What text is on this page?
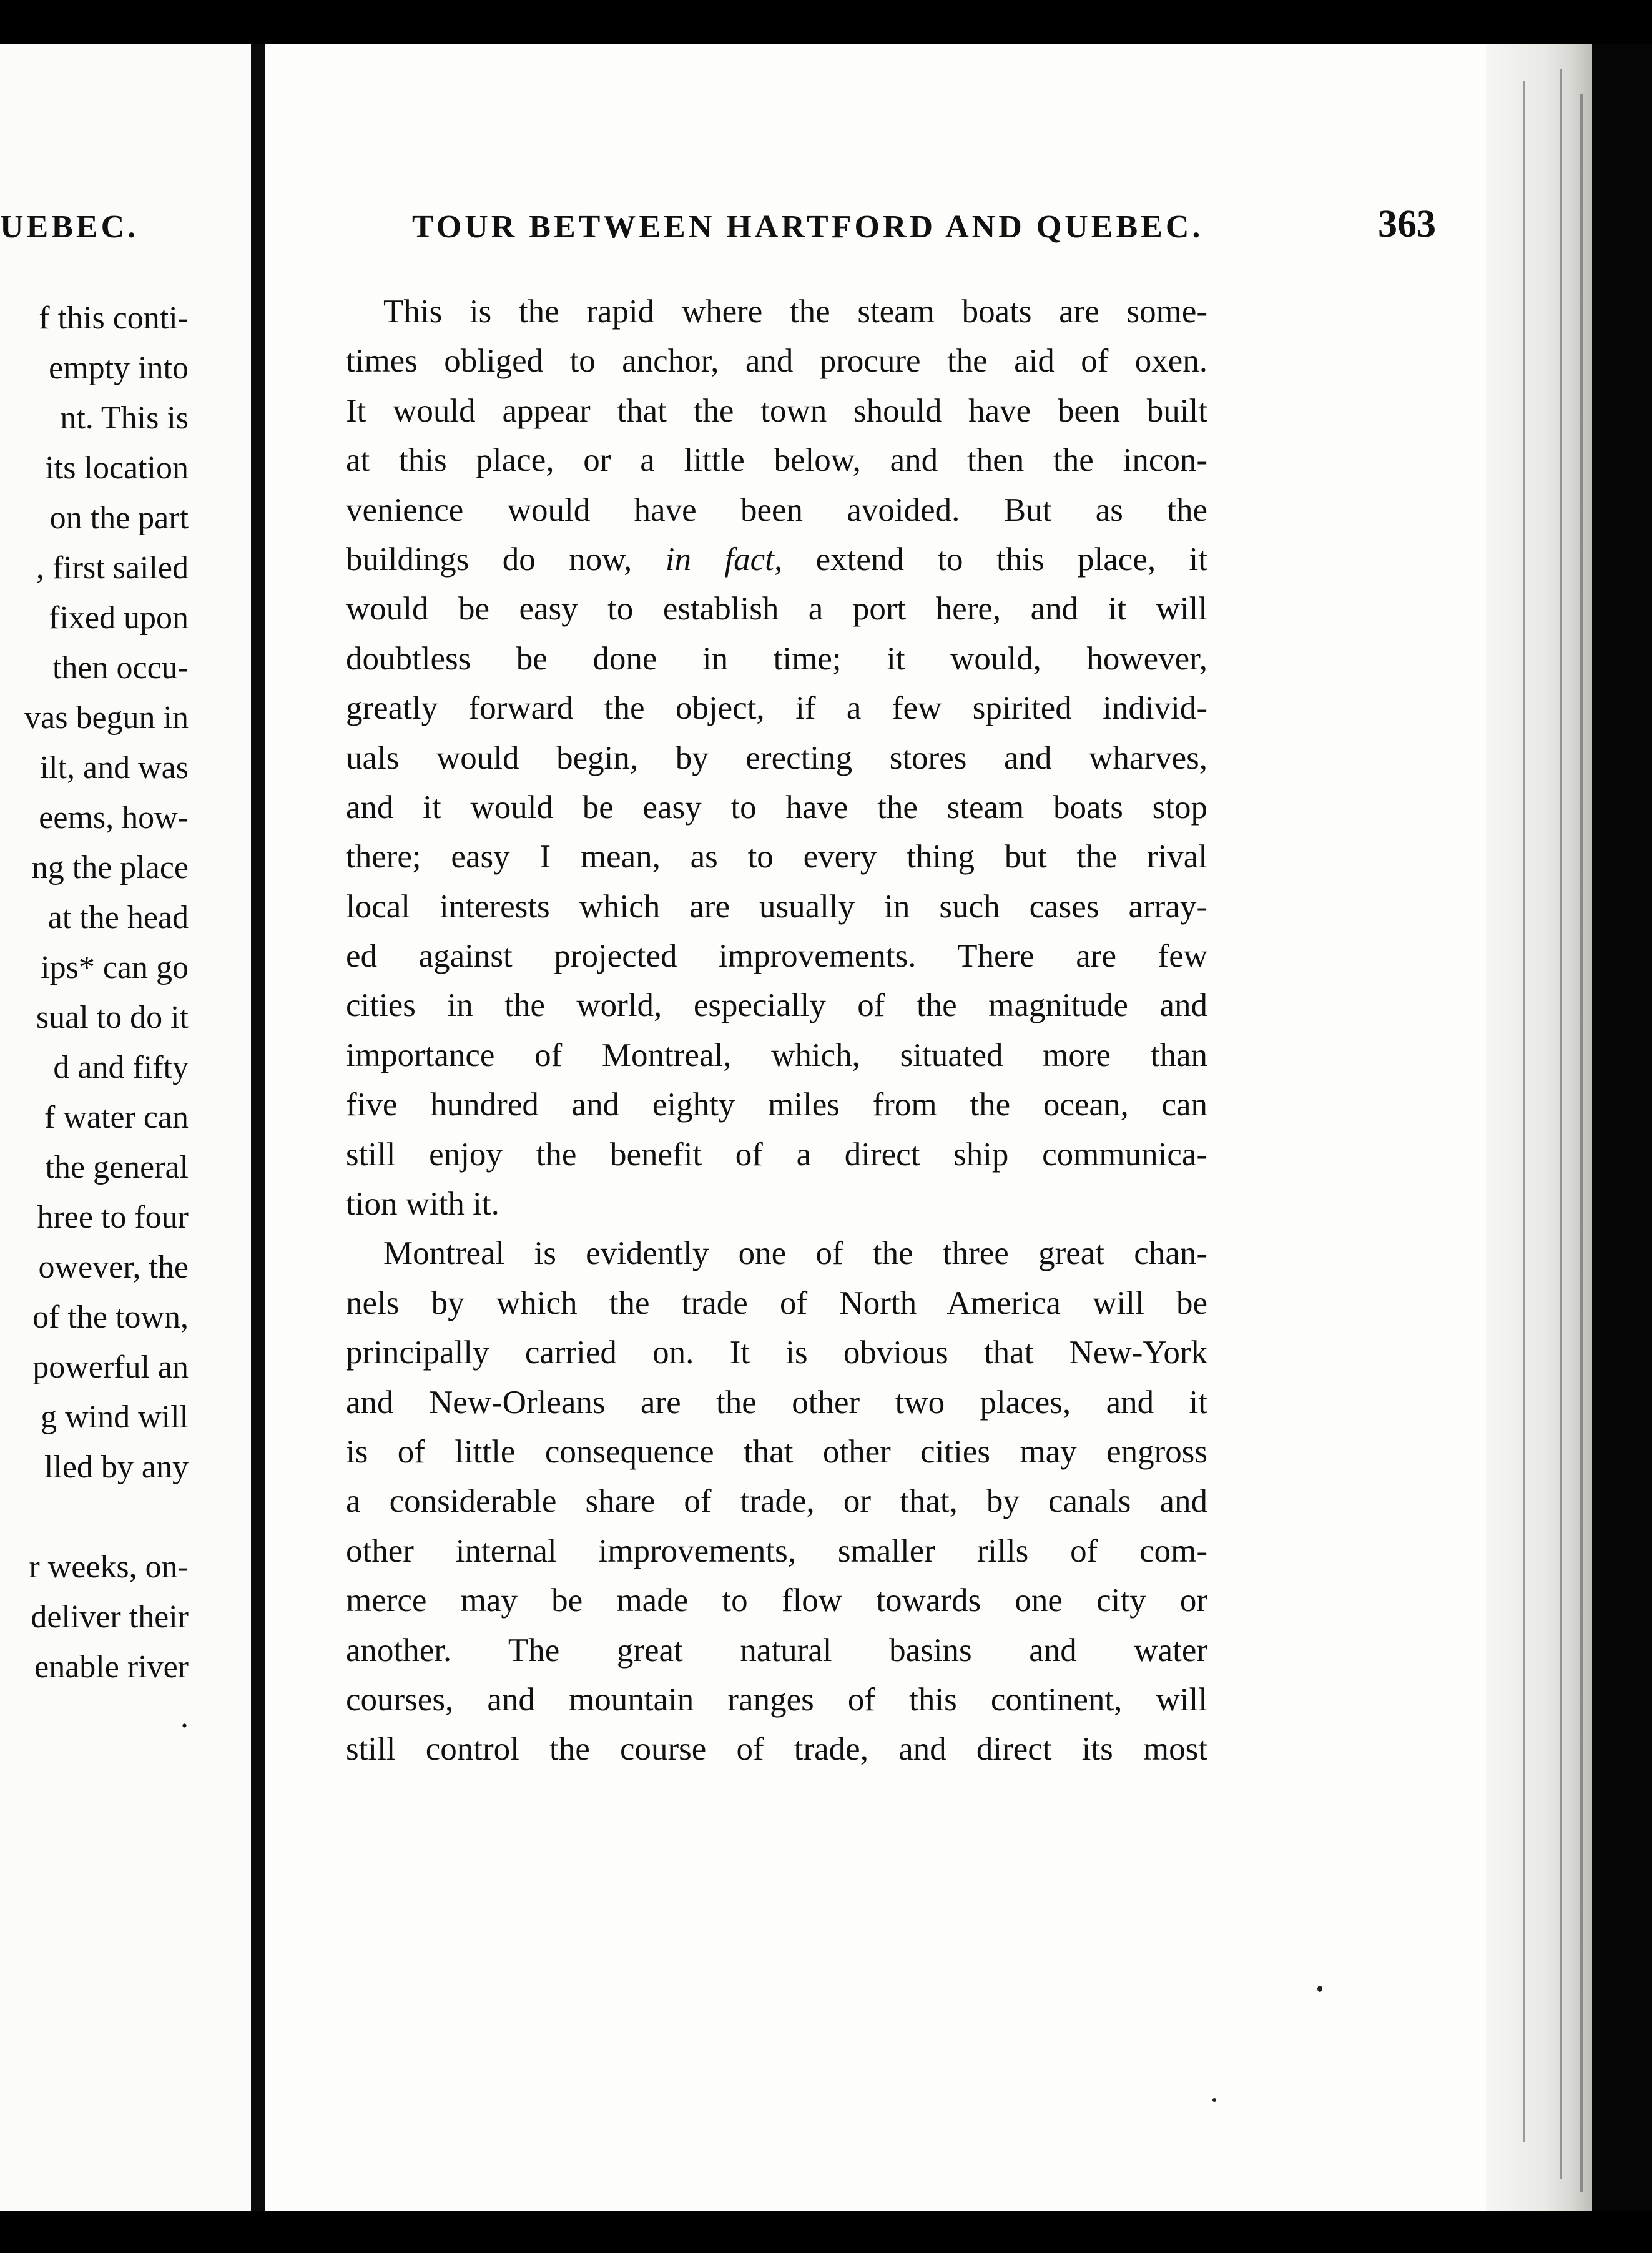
UEBEC.
f this conti-
empty into
nt. This is
its location
on the part
, first sailed
fixed upon
then occu-
vas begun in
ilt, and was
eems, how-
ng the place
at the head
ips* can go
sual to do it
d and fifty
f water can
the general
hree to four
owever, the
of the town,
powerful an
g wind will
lled by any
r weeks, on-
deliver their
enable river
.
TOUR BETWEEN HARTFORD AND QUEBEC.	363
This is the rapid where the steam boats are some-
times obliged to anchor, and procure the aid of oxen.
It would appear that the town should have been built
at this place, or a little below, and then the incon-
venience would have been avoided. But as the
buildings do now, in fact, extend to this place, it
would be easy to establish a port here, and it will
doubtless be done in time; it would, however,
greatly forward the object, if a few spirited individ-
uals would begin, by erecting stores and wharves,
and it would be easy to have the steam boats stop
there; easy I mean, as to every thing but the rival
local interests which are usually in such cases array-
ed against projected improvements. There are few
cities in the world, especially of the magnitude and
importance of Montreal, which, situated more than
five hundred and eighty miles from the ocean, can
still enjoy the benefit of a direct ship communica-
tion with it.
Montreal is evidently one of the three great chan-
nels by which the trade of North America will be
principally carried on. It is obvious that New-York
and New-Orleans are the other two places, and it
is of little consequence that other cities may engross
a considerable share of trade, or that, by canals and
other internal improvements, smaller rills of com-
merce may be made to flow towards one city or
another. The great natural basins and water
courses, and mountain ranges of this continent, will
still control the course of trade, and direct its most
